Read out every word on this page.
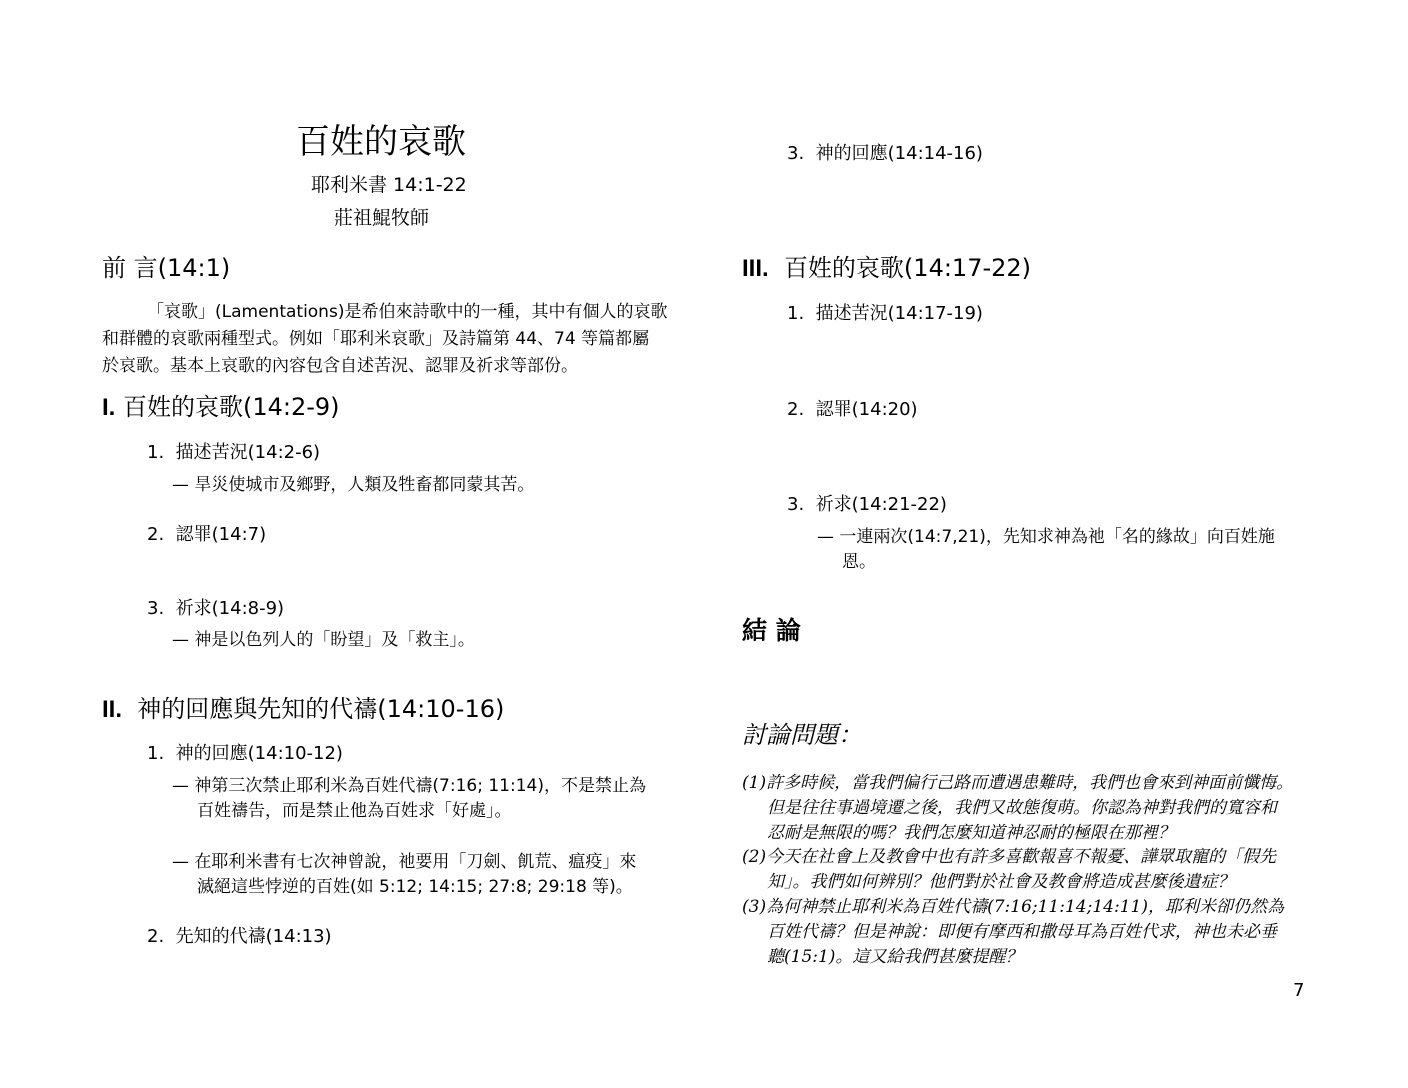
百姓的哀歌
耶利米書 14:1-22
莊祖鯤牧師
前 言(14:1)
「哀歌」(Lamentations)是希伯來詩歌中的一種，其中有個人的哀歌
和群體的哀歌兩種型式。例如「耶利米哀歌」及詩篇第 44、74 等篇都屬
於哀歌。基本上哀歌的內容包含自述苦況、認罪及祈求等部份。
I. 百姓的哀歌(14:2-9)
1. 描述苦況(14:2-6)
— 旱災使城市及鄉野，人類及牲畜都同蒙其苦。
2. 認罪(14:7)
3. 祈求(14:8-9)
— 神是以色列人的「盼望」及「救主」。
II. 神的回應與先知的代禱(14:10-16)
1. 神的回應(14:10-12)
— 神第三次禁止耶利米為百姓代禱(7:16; 11:14)，不是禁止為
百姓禱告，而是禁止他為百姓求「好處」。
— 在耶利米書有七次神曾說，祂要用「刀劍、飢荒、瘟疫」來
滅絕這些悖逆的百姓(如 5:12; 14:15; 27:8; 29:18 等)。
2. 先知的代禱(14:13)
3. 神的回應(14:14-16)
III. 百姓的哀歌(14:17-22)
1. 描述苦況(14:17-19)
2. 認罪(14:20)
3. 祈求(14:21-22)
— 一連兩次(14:7,21)，先知求神為祂「名的緣故」向百姓施
恩。
結 論
討論問題：
(1)許多時候，當我們偏行己路而遭遇患難時，我們也會來到神面前懺悔。
但是往往事過境遷之後，我們又故態復萌。你認為神對我們的寬容和
忍耐是無限的嗎？我們怎麼知道神忍耐的極限在那裡？
(2)今天在社會上及教會中也有許多喜歡報喜不報憂、譁眾取寵的「假先
知」。我們如何辨別？他們對於社會及教會將造成甚麼後遺症？
(3)為何神禁止耶利米為百姓代禱(7:16;11:14;14:11)，耶利米卻仍然為
百姓代禱？但是神說：即便有摩西和撒母耳為百姓代求，神也未必垂
聽(15:1)。這又給我們甚麼提醒？
7
